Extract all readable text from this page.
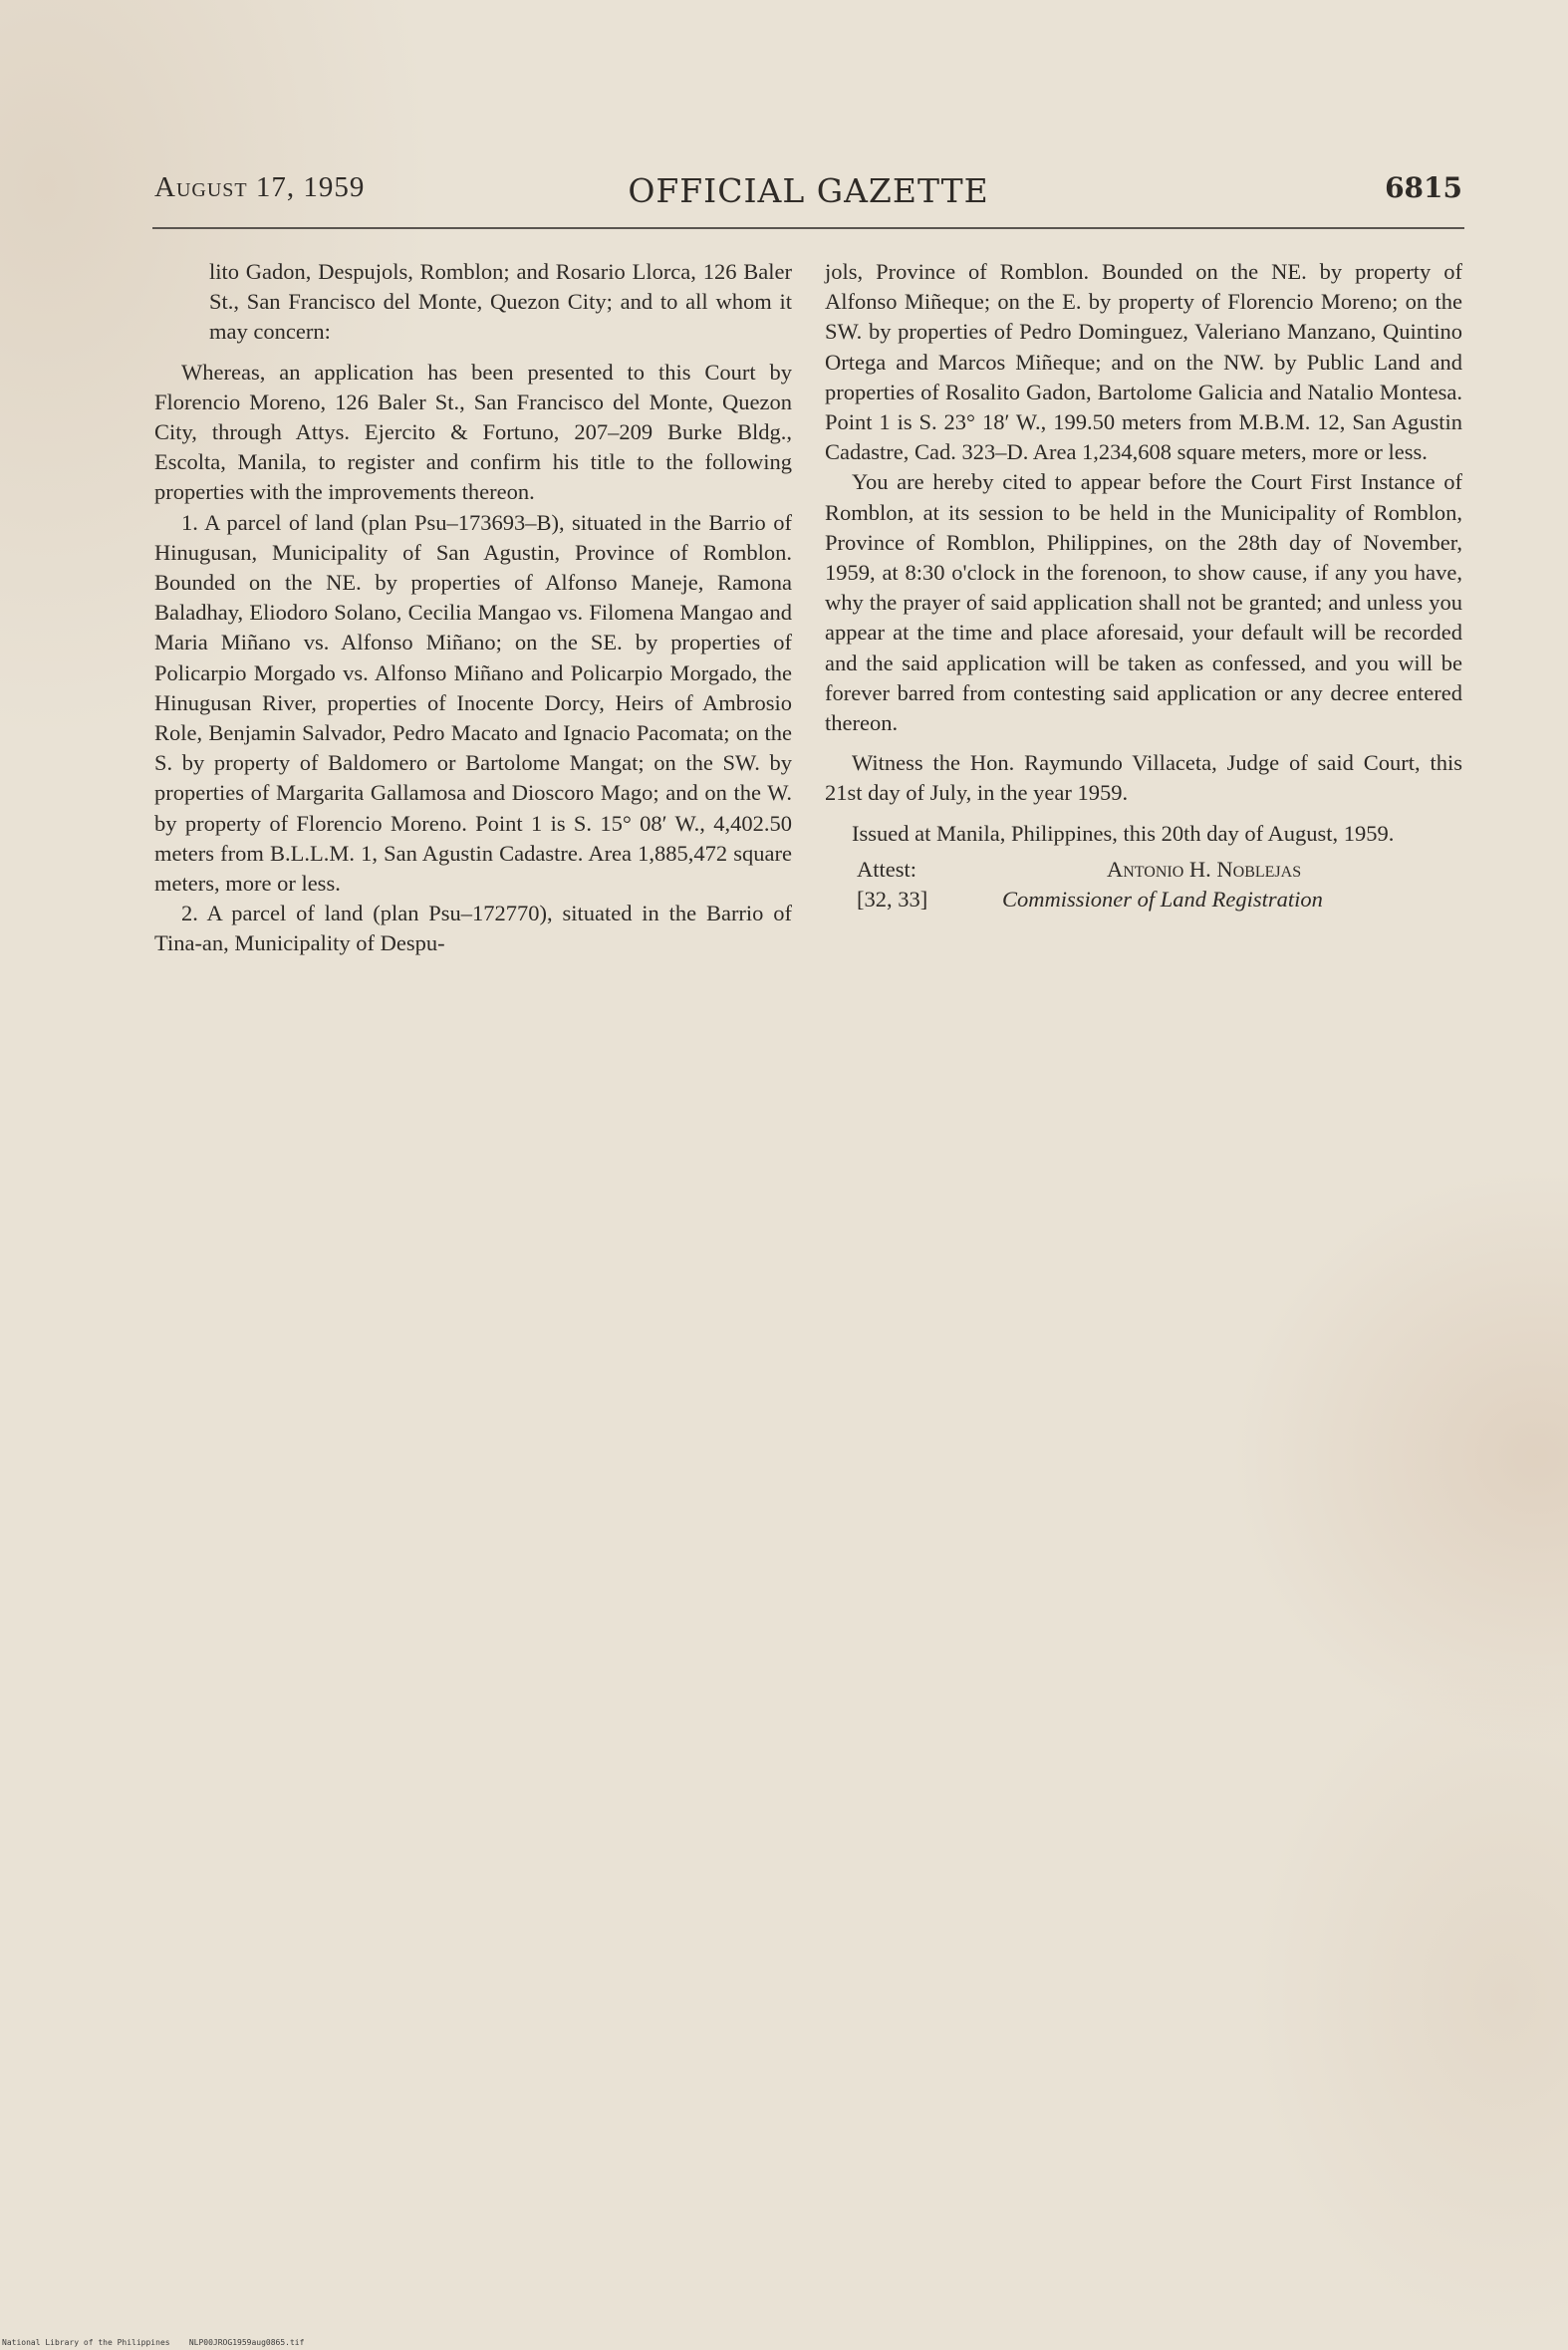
August 17, 1959	OFFICIAL GAZETTE	6815

lito Gadon, Despujols, Romblon; and Rosario Llorca, 126 Baler St., San Francisco del Monte, Quezon City; and to all whom it may concern:

Whereas, an application has been presented to this Court by Florencio Moreno, 126 Baler St., San Francisco del Monte, Quezon City, through Attys. Ejercito & Fortuno, 207–209 Burke Bldg., Escolta, Manila, to register and confirm his title to the following properties with the improvements thereon.

1. A parcel of land (plan Psu–173693–B), situated in the Barrio of Hinugusan, Municipality of San Agustin, Province of Romblon. Bounded on the NE. by properties of Alfonso Maneje, Ramona Baladhay, Eliodoro Solano, Cecilia Mangao vs. Filomena Mangao and Maria Miñano vs. Alfonso Miñano; on the SE. by properties of Policarpio Morgado vs. Alfonso Miñano and Policarpio Morgado, the Hinugusan River, properties of Inocente Dorcy, Heirs of Ambrosio Role, Benjamin Salvador, Pedro Macato and Ignacio Pacomata; on the S. by property of Baldomero or Bartolome Mangat; on the SW. by properties of Margarita Gallamosa and Dioscoro Mago; and on the W. by property of Florencio Moreno. Point 1 is S. 15° 08′ W., 4,402.50 meters from B.L.L.M. 1, San Agustin Cadastre. Area 1,885,472 square meters, more or less.

2. A parcel of land (plan Psu–172770), situated in the Barrio of Tina-an, Municipality of Despu-

jols, Province of Romblon. Bounded on the NE. by property of Alfonso Miñeque; on the E. by property of Florencio Moreno; on the SW. by properties of Pedro Dominguez, Valeriano Manzano, Quintino Ortega and Marcos Miñeque; and on the NW. by Public Land and properties of Rosalito Gadon, Bartolome Galicia and Natalio Montesa. Point 1 is S. 23° 18′ W., 199.50 meters from M.B.M. 12, San Agustin Cadastre, Cad. 323–D. Area 1,234,608 square meters, more or less.

You are hereby cited to appear before the Court First Instance of Romblon, at its session to be held in the Municipality of Romblon, Province of Romblon, Philippines, on the 28th day of November, 1959, at 8:30 o'clock in the forenoon, to show cause, if any you have, why the prayer of said application shall not be granted; and unless you appear at the time and place aforesaid, your default will be recorded and the said application will be taken as confessed, and you will be forever barred from contesting said application or any decree entered thereon.

Witness the Hon. Raymundo Villaceta, Judge of said Court, this 21st day of July, in the year 1959.

Issued at Manila, Philippines, this 20th day of August, 1959.

Attest:	Antonio H. Noblejas
[32, 33]	Commissioner of Land Registration
National Library of the Philippines NLP00JROG1959aug0865.tif
